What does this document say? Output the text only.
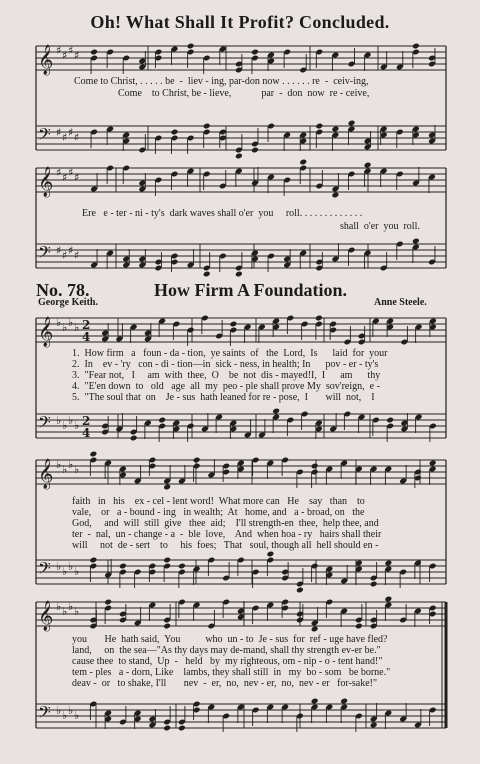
Oh! What Shall It Profit? Concluded.
𝄞
𝄢
♯ ♯ ♯ ♯
♯ ♯ ♯ ♯
𝄞
𝄢
♯ ♯ ♯ ♯
♯ ♯ ♯ ♯
𝄞
𝄢
♭ ♭ ♭ ♭
♭ ♭ ♭ ♭
2
4
2
4
𝄞
𝄢
♭ ♭ ♭ ♭
♭ ♭ ♭ ♭
𝄞
𝄢
♭ ♭ ♭ ♭
♭ ♭ ♭ ♭
Come to Christ, . . . . . be  -  liev - ing, par-don now . . . . . . re  -  ceiv-ing,
Come    to Christ, be - lieve,            par  -  don  now  re - ceive,
Ere   e - ter - ni - ty's  dark waves shall o'er  you     roll. . . . . . . . . . . . .
shall  o'er  you  roll.
No. 78.	How Firm A Foundation.
George Keith.	Anne Steele.
1.  How firm   a   foun - da - tion,  ye saints  of   the  Lord,  Is      laid  for  your
2.  In    ev - 'ry   con - di - tion—in  sick - ness, in health; In      pov - er - ty's
3.  "Fear not,   I     am  with  thee,  O    be  not  dis - mayed!I,  I      am      thy
4.  "E'en down  to   old   age  all  my  peo - ple shall prove My  sov'reign,  e -
5.  "The soul that  on    Je - sus  hath leaned for re - pose,  I       will  not,    I
faith   in   his    ex - cel - lent word!  What more can   He    say   than    to
vale,    or   a - bound - ing   in wealth;  At   home, and   a - broad, on   the
God,     and  will  still  give   thee  aid;    I'll strength-en  thee,  help thee, and
ter  -  nal,  un - change - a  -  ble  love,    And  when hoa - ry   hairs shall their
will     not  de - sert    to     his  foes;   That   soul, though all  hell should en -
you       He  hath said,  You          who  un - to  Je - sus  for  ref - uge have fled?
land,     on  the sea—"As thy days may de-mand, shall thy strength ev-er be."
cause thee  to stand,  Up  -   held   by  my righteous, om - nip - o - tent hand!"
tem - ples   a - dorn, Like    lambs, they shall still  in   my  bo - som   be borne."
deav -  or   to shake, I'll       nev  -  er,  no,  nev - er,  no,  nev - er   for-sake!"
